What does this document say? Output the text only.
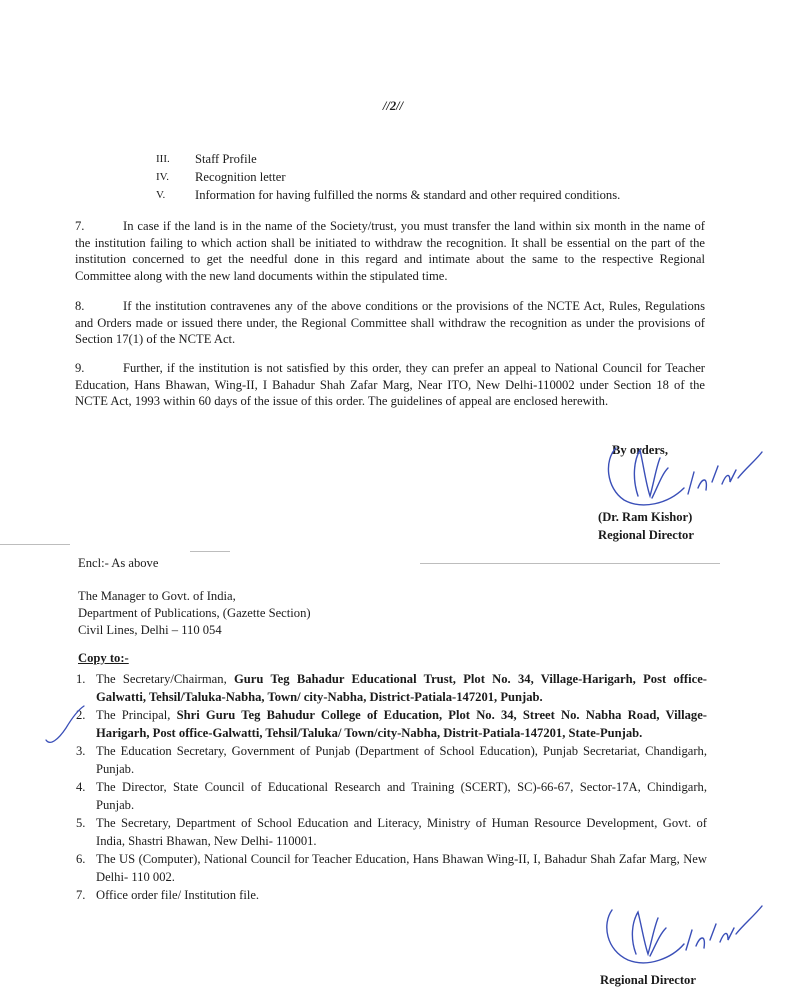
//2//
III.	Staff Profile
IV.	Recognition letter
V.	Information for having fulfilled the norms & standard and other required conditions.
7.	In case if the land is in the name of the Society/trust, you must transfer the land within six month in the name of the institution failing to which action shall be initiated to withdraw the recognition. It shall be essential on the part of the institution concerned to get the needful done in this regard and intimate about the same to the respective Regional Committee along with the new land documents within the stipulated time.
8.	If the institution contravenes any of the above conditions or the provisions of the NCTE Act, Rules, Regulations and Orders made or issued there under, the Regional Committee shall withdraw the recognition as under the provisions of Section 17(1) of the NCTE Act.
9.	Further, if the institution is not satisfied by this order, they can prefer an appeal to National Council for Teacher Education, Hans Bhawan, Wing-II, I Bahadur Shah Zafar Marg, Near ITO, New Delhi-110002 under Section 18 of the NCTE Act, 1993 within 60 days of the issue of this order. The guidelines of appeal are enclosed herewith.
By orders,
(Dr. Ram Kishor)
Regional Director
Encl:- As above
The Manager to Govt. of India,
Department of Publications, (Gazette Section)
Civil Lines, Delhi – 110 054
Copy to:-
1. The Secretary/Chairman, Guru Teg Bahadur Educational Trust, Plot No. 34, Village-Harigarh, Post office-Galwatti, Tehsil/Taluka-Nabha, Town/ city-Nabha, District-Patiala-147201, Punjab.
2. The Principal, Shri Guru Teg Bahudur College of Education, Plot No. 34, Street No. Nabha Road, Village-Harigarh, Post office-Galwatti, Tehsil/Taluka/ Town/city-Nabha, Distrit-Patiala-147201, State-Punjab.
3. The Education Secretary, Government of Punjab (Department of School Education), Punjab Secretariat, Chandigarh, Punjab.
4. The Director, State Council of Educational Research and Training (SCERT), SC)-66-67, Sector-17A, Chindigarh, Punjab.
5. The Secretary, Department of School Education and Literacy, Ministry of Human Resource Development, Govt. of India, Shastri Bhawan, New Delhi- 110001.
6. The US (Computer), National Council for Teacher Education, Hans Bhawan Wing-II, I, Bahadur Shah Zafar Marg, New Delhi- 110 002.
7. Office order file/ Institution file.
Regional Director
